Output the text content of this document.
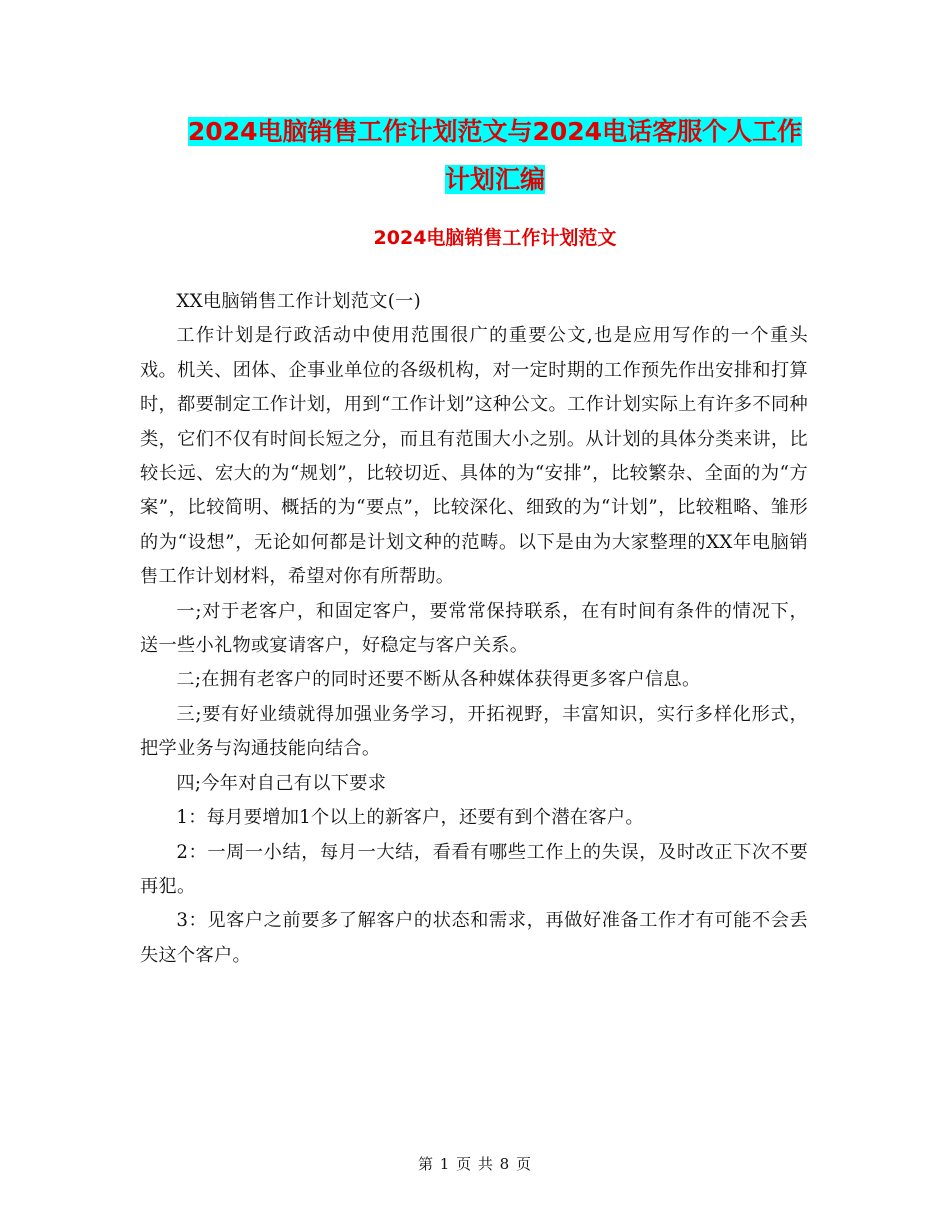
2024电脑销售工作计划范文与2024电话客服个人工作
计划汇编
2024电脑销售工作计划范文

XX电脑销售工作计划范文(一)

工作计划是行政活动中使用范围很广的重要公文,也是应用写作的一个重头戏。机关、团体、企事业单位的各级机构，对一定时期的工作预先作出安排和打算时，都要制定工作计划，用到“工作计划”这种公文。工作计划实际上有许多不同种类，它们不仅有时间长短之分，而且有范围大小之别。从计划的具体分类来讲，比较长远、宏大的为“规划”，比较切近、具体的为“安排”，比较繁杂、全面的为“方案”，比较简明、概括的为“要点”，比较深化、细致的为“计划”，比较粗略、雏形的为“设想”，无论如何都是计划文种的范畴。以下是由为大家整理的XX年电脑销售工作计划材料，希望对你有所帮助。

一;对于老客户，和固定客户，要常常保持联系，在有时间有条件的情况下，送一些小礼物或宴请客户，好稳定与客户关系。

二;在拥有老客户的同时还要不断从各种媒体获得更多客户信息。

三;要有好业绩就得加强业务学习，开拓视野，丰富知识，实行多样化形式，把学业务与沟通技能向结合。

四;今年对自己有以下要求

1：每月要增加1个以上的新客户，还要有到个潜在客户。

2：一周一小结，每月一大结，看看有哪些工作上的失误，及时改正下次不要再犯。

3：见客户之前要多了解客户的状态和需求，再做好准备工作才有可能不会丢失这个客户。

第 1 页 共 8 页
